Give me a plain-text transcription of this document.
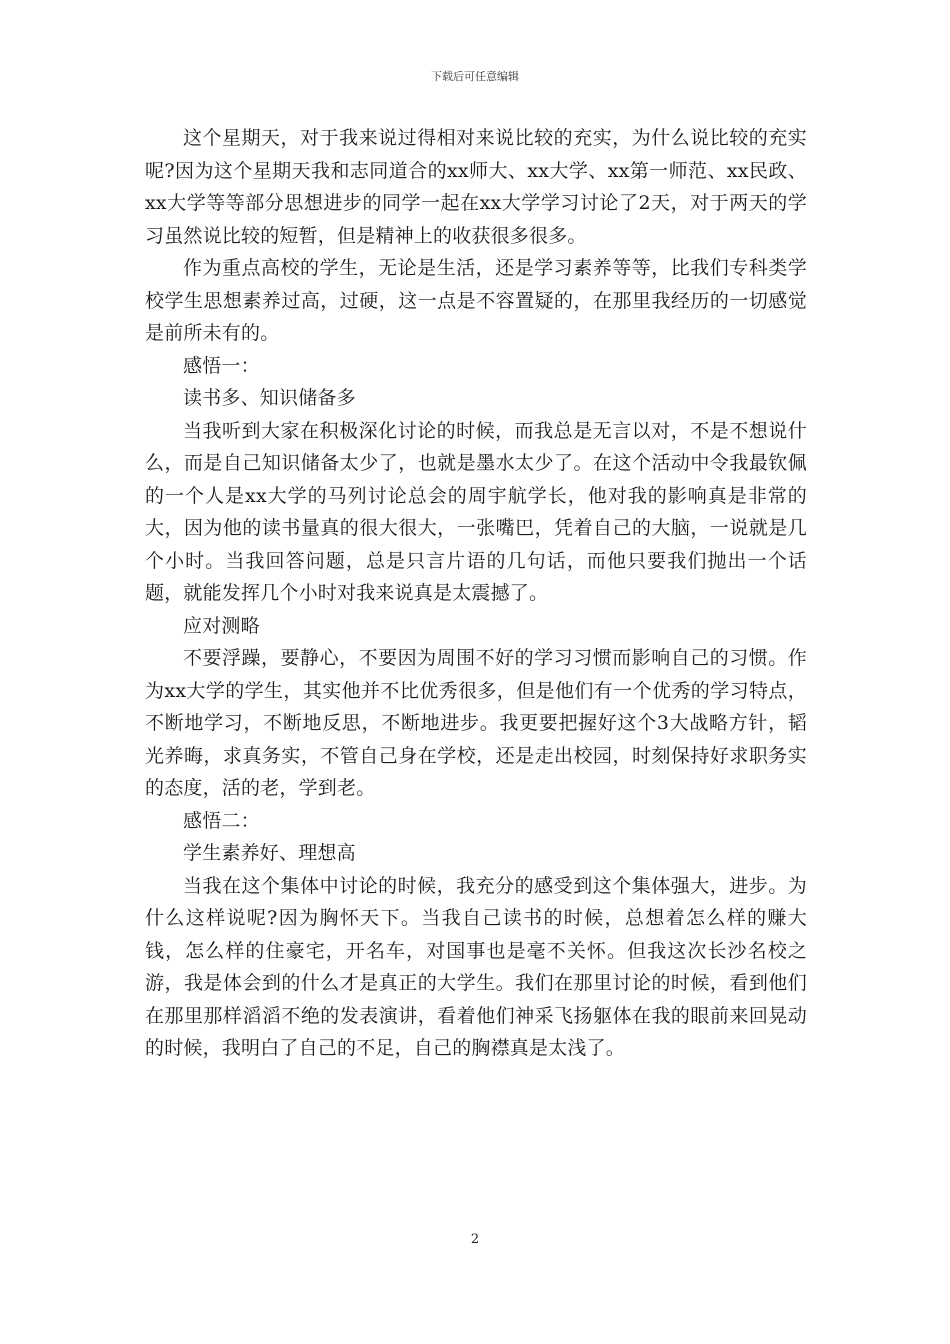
下载后可任意编辑

这个星期天，对于我来说过得相对来说比较的充实，为什么说比较的充实呢?因为这个星期天我和志同道合的xx师大、xx大学、xx第一师范、xx民政、xx大学等等部分思想进步的同学一起在xx大学学习讨论了2天，对于两天的学习虽然说比较的短暂，但是精神上的收获很多很多。

作为重点高校的学生，无论是生活，还是学习素养等等，比我们专科类学校学生思想素养过高，过硬，这一点是不容置疑的，在那里我经历的一切感觉是前所未有的。

感悟一：

读书多、知识储备多

当我听到大家在积极深化讨论的时候，而我总是无言以对，不是不想说什么，而是自己知识储备太少了，也就是墨水太少了。在这个活动中令我最钦佩的一个人是xx大学的马列讨论总会的周宇航学长，他对我的影响真是非常的大，因为他的读书量真的很大很大，一张嘴巴，凭着自己的大脑，一说就是几个小时。当我回答问题，总是只言片语的几句话，而他只要我们抛出一个话题，就能发挥几个小时对我来说真是太震撼了。

应对测略

不要浮躁，要静心，不要因为周围不好的学习习惯而影响自己的习惯。作为xx大学的学生，其实他并不比优秀很多，但是他们有一个优秀的学习特点，不断地学习，不断地反思，不断地进步。我更要把握好这个3大战略方针，韬光养晦，求真务实，不管自己身在学校，还是走出校园，时刻保持好求职务实的态度，活的老，学到老。

感悟二：

学生素养好、理想高

当我在这个集体中讨论的时候，我充分的感受到这个集体强大，进步。为什么这样说呢?因为胸怀天下。当我自己读书的时候，总想着怎么样的赚大钱，怎么样的住豪宅，开名车，对国事也是毫不关怀。但我这次长沙名校之游，我是体会到的什么才是真正的大学生。我们在那里讨论的时候，看到他们在那里那样滔滔不绝的发表演讲，看着他们神采飞扬躯体在我的眼前来回晃动的时候，我明白了自己的不足，自己的胸襟真是太浅了。

2
